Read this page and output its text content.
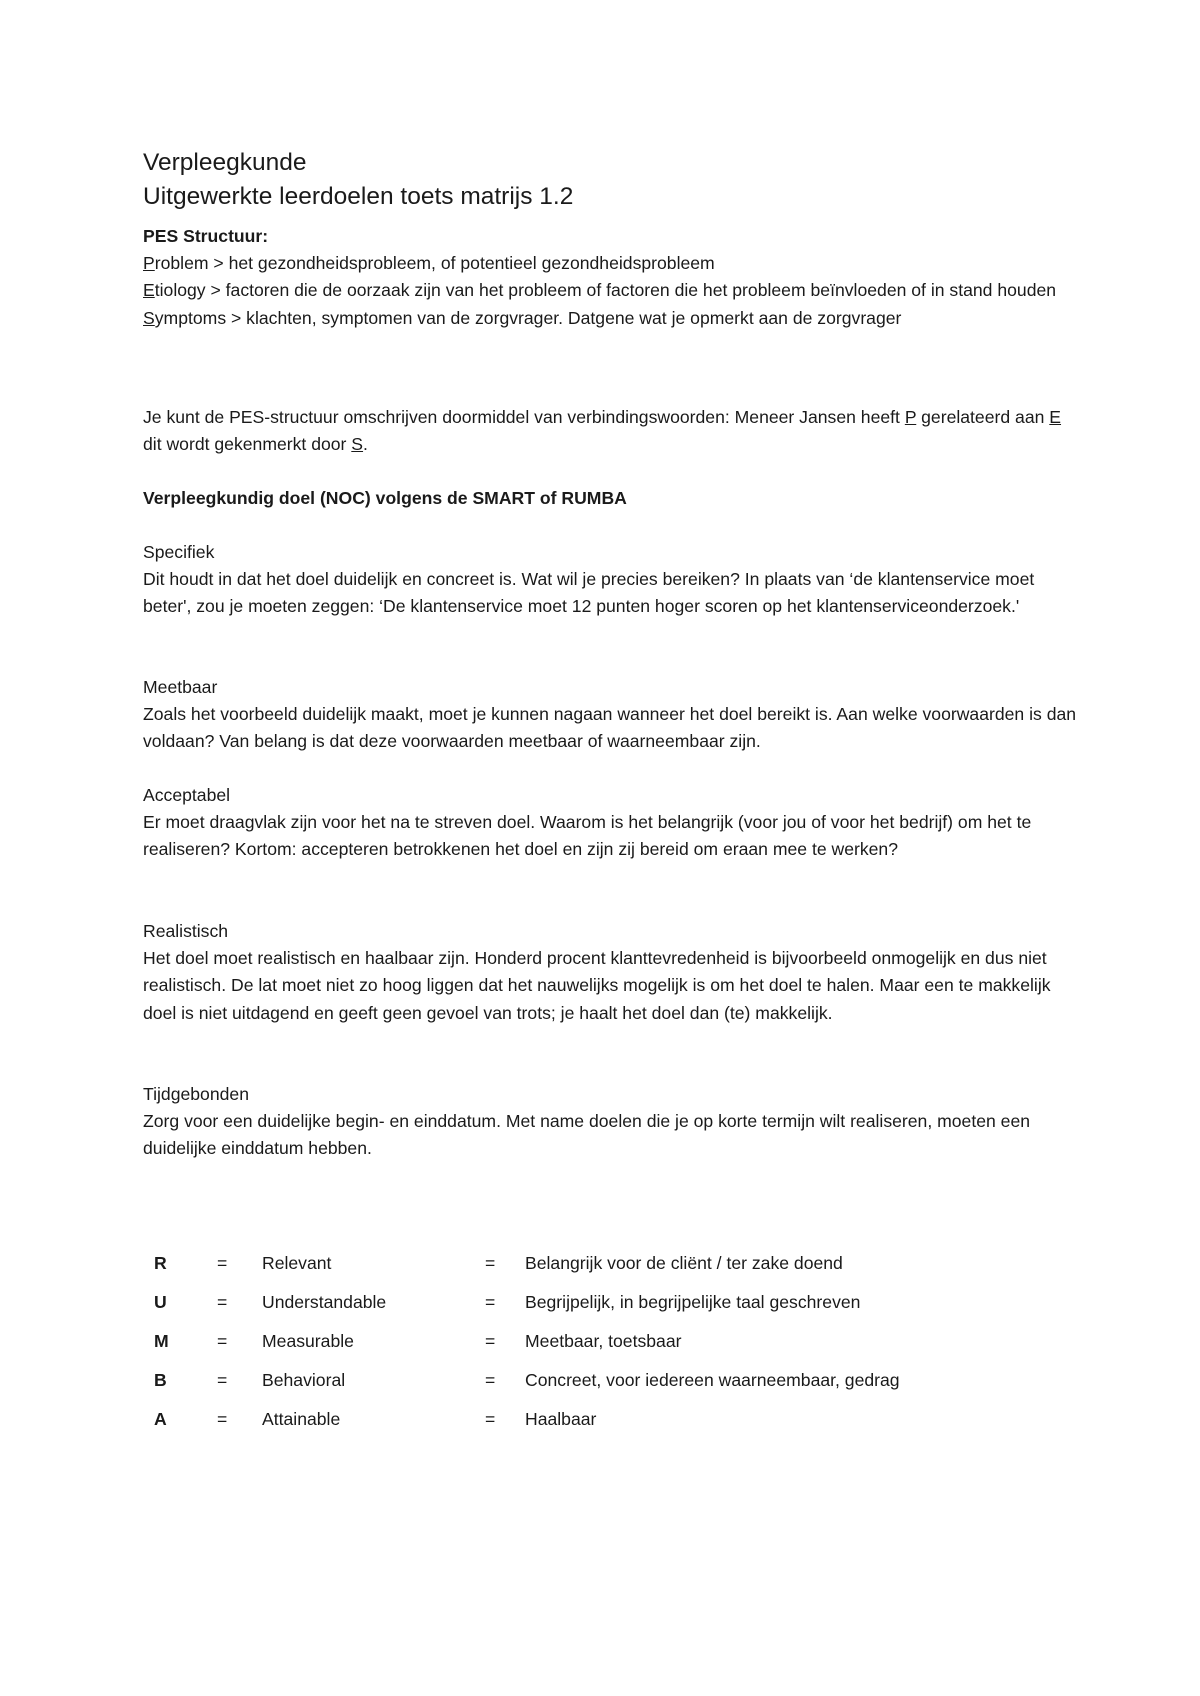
Verpleegkunde
Uitgewerkte leerdoelen toets matrijs 1.2

PES Structuur:

Problem > het gezondheidsprobleem, of potentieel gezondheidsprobleem

Etiology > factoren die de oorzaak zijn van het probleem of factoren die het probleem beïnvloeden of in stand houden

Symptoms > klachten, symptomen van de zorgvrager. Datgene wat je opmerkt aan de zorgvrager

Je kunt de PES-structuur omschrijven doormiddel van verbindingswoorden: Meneer Jansen heeft P gerelateerd aan E dit wordt gekenmerkt door S.

Verpleegkundig doel (NOC) volgens de SMART of RUMBA

Specifiek

Dit houdt in dat het doel duidelijk en concreet is. Wat wil je precies bereiken? In plaats van ‘de klantenservice moet beter', zou je moeten zeggen: ‘De klantenservice moet 12 punten hoger scoren op het klantenserviceonderzoek.'

Meetbaar

Zoals het voorbeeld duidelijk maakt, moet je kunnen nagaan wanneer het doel bereikt is. Aan welke voorwaarden is dan voldaan? Van belang is dat deze voorwaarden meetbaar of waarneembaar zijn.

Acceptabel

Er moet draagvlak zijn voor het na te streven doel. Waarom is het belangrijk (voor jou of voor het bedrijf) om het te realiseren? Kortom: accepteren betrokkenen het doel en zijn zij bereid om eraan mee te werken?

Realistisch

Het doel moet realistisch en haalbaar zijn. Honderd procent klanttevredenheid is bijvoorbeeld onmogelijk en dus niet realistisch. De lat moet niet zo hoog liggen dat het nauwelijks mogelijk is om het doel te halen. Maar een te makkelijk doel is niet uitdagend en geeft geen gevoel van trots; je haalt het doel dan (te) makkelijk.

Tijdgebonden

Zorg voor een duidelijke begin- en einddatum. Met name doelen die je op korte termijn wilt realiseren, moeten een duidelijke einddatum hebben.

R	=	Relevant	=	Belangrijk voor de cliënt / ter zake doend
U	=	Understandable	=	Begrijpelijk, in begrijpelijke taal geschreven
M	=	Measurable	=	Meetbaar, toetsbaar
B	=	Behavioral	=	Concreet, voor iedereen waarneembaar, gedrag
A	=	Attainable	=	Haalbaar
